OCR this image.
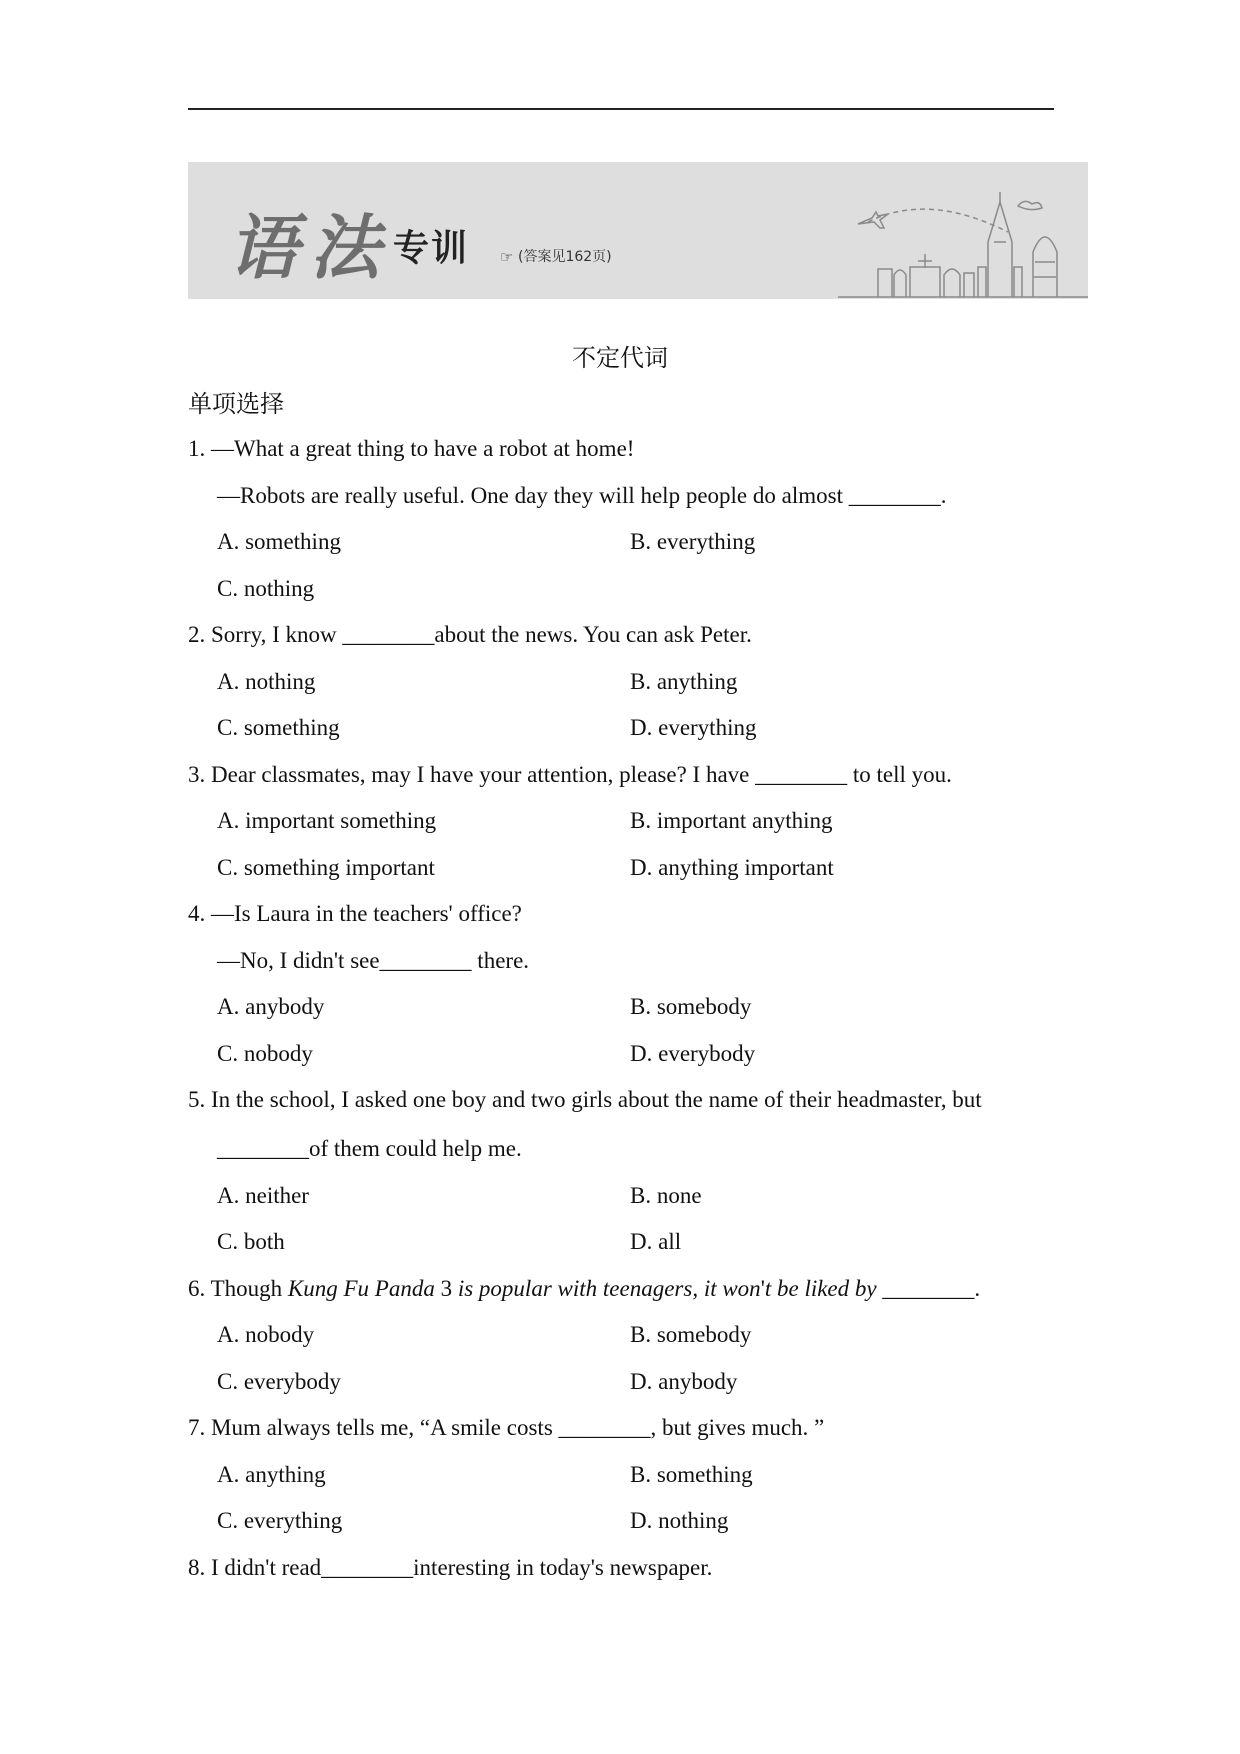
语法 专训 ☞ (答案见162页)
不定代词
单项选择
1. —What a great thing to have a robot at home!
—Robots are really useful. One day they will help people do almost ________.
A. something	B. everything
C. nothing
2. Sorry, I know ________about the news. You can ask Peter.
A. nothing	B. anything
C. something	D. everything
3. Dear classmates, may I have your attention, please? I have ________ to tell you.
A. important something	B. important anything
C. something important	D. anything important
4. —Is Laura in the teachers' office?
—No, I didn't see________ there.
A. anybody	B. somebody
C. nobody	D. everybody
5. In the school, I asked one boy and two girls about the name of their headmaster, but
________of them could help me.
A. neither	B. none
C. both	D. all
6. Though Kung Fu Panda 3 is popular with teenagers, it won't be liked by ________.
A. nobody	B. somebody
C. everybody	D. anybody
7. Mum always tells me, “A smile costs ________, but gives much. ”
A. anything	B. something
C. everything	D. nothing
8. I didn't read________interesting in today's newspaper.
